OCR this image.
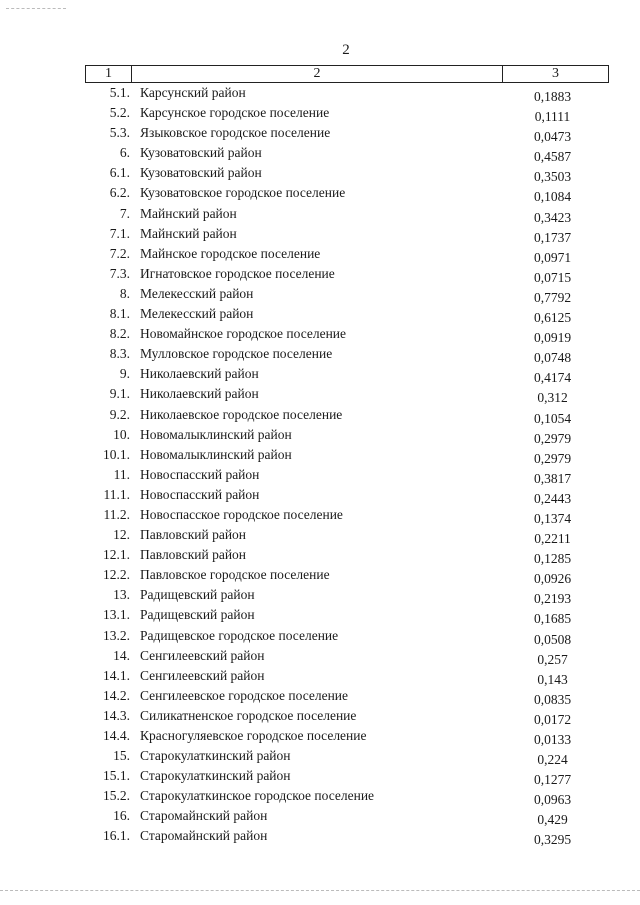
2
1	2	3
5.1. Карсунский район	0,1883
5.2. Карсунское городское поселение	0,1111
5.3. Языковское городское поселение	0,0473
6. Кузоватовский район	0,4587
6.1. Кузоватовский район	0,3503
6.2. Кузоватовское городское поселение	0,1084
7. Майнский район	0,3423
7.1. Майнский район	0,1737
7.2. Майнское городское поселение	0,0971
7.3. Игнатовское городское поселение	0,0715
8. Мелекесский район	0,7792
8.1. Мелекесский район	0,6125
8.2. Новомайнское городское поселение	0,0919
8.3. Мулловское городское поселение	0,0748
9. Николаевский район	0,4174
9.1. Николаевский район	0,312
9.2. Николаевское городское поселение	0,1054
10. Новомалыклинский район	0,2979
10.1. Новомалыклинский район	0,2979
11. Новоспасский район	0,3817
11.1. Новоспасский район	0,2443
11.2. Новоспасское городское поселение	0,1374
12. Павловский район	0,2211
12.1. Павловский район	0,1285
12.2. Павловское городское поселение	0,0926
13. Радищевский район	0,2193
13.1. Радищевский район	0,1685
13.2. Радищевское городское поселение	0,0508
14. Сенгилеевский район	0,257
14.1. Сенгилеевский район	0,143
14.2. Сенгилеевское городское поселение	0,0835
14.3. Силикатненское городское поселение	0,0172
14.4. Красногуляевское городское поселение	0,0133
15. Старокулаткинский район	0,224
15.1. Старокулаткинский район	0,1277
15.2. Старокулаткинское городское поселение	0,0963
16. Старомайнский район	0,429
16.1. Старомайнский район	0,3295
